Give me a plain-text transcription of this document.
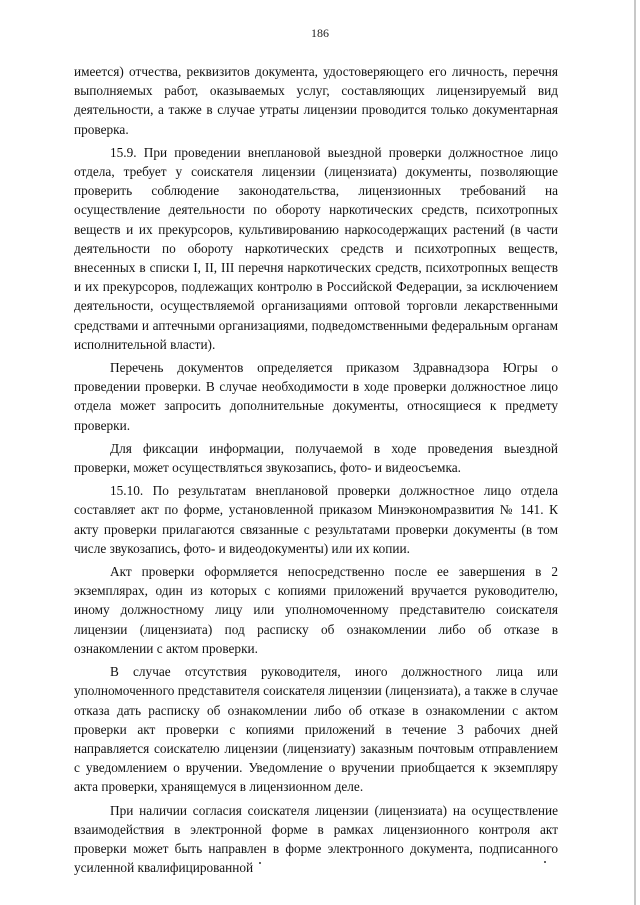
186

имеется) отчества, реквизитов документа, удостоверяющего его личность, перечня выполняемых работ, оказываемых услуг, составляющих лицензируемый вид деятельности, а также в случае утраты лицензии проводится только документарная проверка.

15.9. При проведении внеплановой выездной проверки должностное лицо отдела, требует у соискателя лицензии (лицензиата) документы, позволяющие проверить соблюдение законодательства, лицензионных требований на осуществление деятельности по обороту наркотических средств, психотропных веществ и их прекурсоров, культивированию наркосодержащих растений (в части деятельности по обороту наркотических средств и психотропных веществ, внесенных в списки I, II, III перечня наркотических средств, психотропных веществ и их прекурсоров, подлежащих контролю в Российской Федерации, за исключением деятельности, осуществляемой организациями оптовой торговли лекарственными средствами и аптечными организациями, подведомственными федеральным органам исполнительной власти).

Перечень документов определяется приказом Здравнадзора Югры о проведении проверки. В случае необходимости в ходе проверки должностное лицо отдела может запросить дополнительные документы, относящиеся к предмету проверки.

Для фиксации информации, получаемой в ходе проведения выездной проверки, может осуществляться звукозапись, фото- и видеосъемка.

15.10. По результатам внеплановой проверки должностное лицо отдела составляет акт по форме, установленной приказом Минэкономразвития № 141. К акту проверки прилагаются связанные с результатами проверки документы (в том числе звукозапись, фото- и видеодокументы) или их копии.

Акт проверки оформляется непосредственно после ее завершения в 2 экземплярах, один из которых с копиями приложений вручается руководителю, иному должностному лицу или уполномоченному представителю соискателя лицензии (лицензиата) под расписку об ознакомлении либо об отказе в ознакомлении с актом проверки.

В случае отсутствия руководителя, иного должностного лица или уполномоченного представителя соискателя лицензии (лицензиата), а также в случае отказа дать расписку об ознакомлении либо об отказе в ознакомлении с актом проверки акт проверки с копиями приложений в течение 3 рабочих дней направляется соискателю лицензии (лицензиату) заказным почтовым отправлением с уведомлением о вручении. Уведомление о вручении приобщается к экземпляру акта проверки, хранящемуся в лицензионном деле.

При наличии согласия соискателя лицензии (лицензиата) на осуществление взаимодействия в электронной форме в рамках лицензионного контроля акт проверки может быть направлен в форме электронного документа, подписанного усиленной квалифицированной
